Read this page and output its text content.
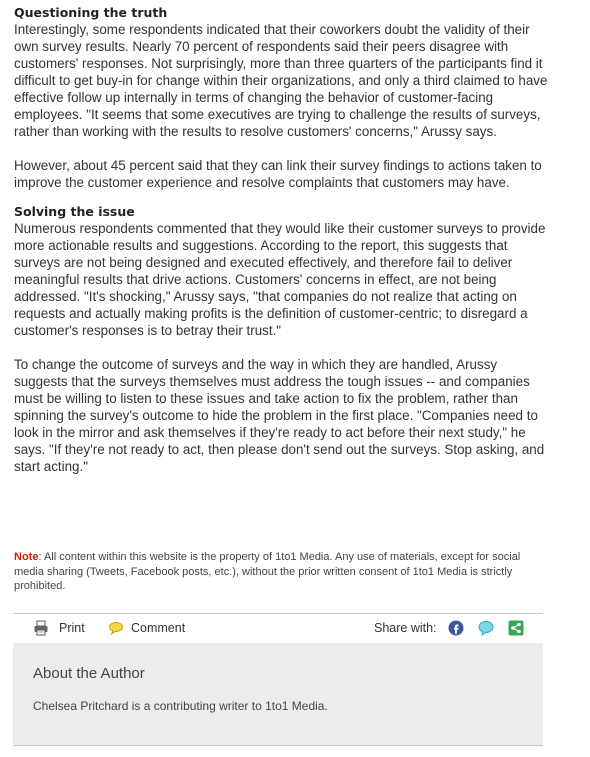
Questioning the truth

Interestingly, some respondents indicated that their coworkers doubt the validity of their own survey results. Nearly 70 percent of respondents said their peers disagree with customers' responses. Not surprisingly, more than three quarters of the participants find it difficult to get buy-in for change within their organizations, and only a third claimed to have effective follow up internally in terms of changing the behavior of customer-facing employees. "It seems that some executives are trying to challenge the results of surveys, rather than working with the results to resolve customers' concerns," Arussy says.

However, about 45 percent said that they can link their survey findings to actions taken to improve the customer experience and resolve complaints that customers may have.

Solving the issue

Numerous respondents commented that they would like their customer surveys to provide more actionable results and suggestions. According to the report, this suggests that surveys are not being designed and executed effectively, and therefore fail to deliver meaningful results that drive actions. Customers' concerns in effect, are not being addressed. "It's shocking," Arussy says, "that companies do not realize that acting on requests and actually making profits is the definition of customer-centric; to disregard a customer's responses is to betray their trust."

To change the outcome of surveys and the way in which they are handled, Arussy suggests that the surveys themselves must address the tough issues -- and companies must be willing to listen to these issues and take action to fix the problem, rather than spinning the survey's outcome to hide the problem in the first place. "Companies need to look in the mirror and ask themselves if they're ready to act before their next study," he says. "If they're not ready to act, then please don't send out the surveys. Stop asking, and start acting."

Note: All content within this website is the property of 1to1 Media. Any use of materials, except for social media sharing (Tweets, Facebook posts, etc.), without the prior written consent of 1to1 Media is strictly prohibited.
Print	Comment	Share with:
About the Author
Chelsea Pritchard is a contributing writer to 1to1 Media.
